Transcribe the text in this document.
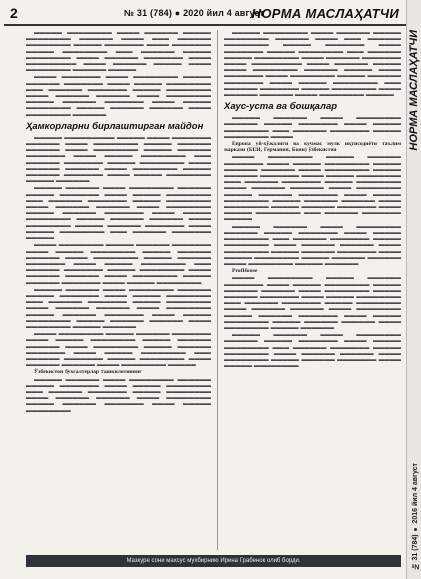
2	№ 31 (784) ● 2020 йил 4 август
НОРМА МАСЛАҲАТЧИ

▬▬▬▬▬ ▬▬▬▬▬▬▬▬ ▬▬▬▬ ▬▬▬▬▬▬ ▬▬▬▬▬ ▬▬▬▬▬▬▬▬ ▬▬▬▬▬▬ ▬▬▬▬ ▬▬▬ ▬▬▬▬▬▬ ▬▬▬▬▬▬▬▬ ▬▬▬▬▬ ▬▬▬▬▬▬▬ ▬▬▬▬ ▬▬▬▬▬▬▬ ▬▬▬▬▬ ▬▬▬▬▬▬▬▬ ▬▬▬ ▬▬▬▬▬▬ ▬▬▬▬▬ ▬▬▬▬▬▬▬▬ ▬▬▬▬ ▬▬▬▬▬▬ ▬▬▬▬▬▬▬ ▬▬▬▬ ▬▬▬▬▬▬▬▬▬ ▬▬▬▬ ▬▬▬▬▬▬ ▬▬▬▬▬ ▬▬▬▬ ▬▬▬▬▬▬▬▬ ▬▬▬▬▬▬ ▬▬▬▬▬

▬▬▬▬ ▬▬▬▬▬▬▬ ▬▬▬▬ ▬▬▬▬▬▬▬▬ ▬▬▬▬▬ ▬▬▬▬▬▬ ▬▬▬▬▬▬▬ ▬▬▬▬ ▬▬▬▬▬ ▬▬▬▬▬▬▬▬ ▬▬▬ ▬▬▬▬▬▬ ▬▬▬▬▬▬▬ ▬▬▬▬▬ ▬▬▬▬▬▬▬▬ ▬▬▬▬ ▬▬▬▬▬▬ ▬▬▬▬▬▬ ▬▬▬▬ ▬▬▬▬▬▬▬▬ ▬▬▬▬▬ ▬▬▬▬▬▬ ▬▬▬▬▬▬▬ ▬▬▬▬ ▬▬▬▬▬ ▬▬▬▬▬▬▬▬ ▬▬▬▬▬ ▬▬▬▬▬▬ ▬▬▬▬▬▬ ▬▬▬▬ ▬▬▬▬▬▬▬▬ ▬▬▬▬▬▬

Ҳамкорларни бирлаштирган майдон

▬▬▬▬▬ ▬▬▬▬▬▬▬▬▬ ▬▬▬▬▬ ▬▬▬▬ ▬▬▬▬▬▬▬ ▬▬▬▬▬▬ ▬▬▬▬ ▬▬▬▬▬▬▬▬ ▬▬▬▬▬ ▬▬▬▬▬▬ ▬▬▬▬▬▬ ▬▬▬▬ ▬▬▬▬▬▬▬▬ ▬▬▬▬▬ ▬▬▬▬▬▬ ▬▬▬▬▬▬▬ ▬▬▬▬ ▬▬▬▬▬ ▬▬▬▬▬▬▬▬ ▬▬▬ ▬▬▬▬▬▬ ▬▬▬▬▬▬▬ ▬▬▬▬▬ ▬▬▬▬▬▬▬▬ ▬▬▬▬ ▬▬▬▬▬▬ ▬▬▬▬▬▬ ▬▬▬▬ ▬▬▬▬▬▬▬▬ ▬▬▬▬▬ ▬▬▬▬▬▬ ▬▬▬▬▬▬▬ ▬▬▬▬ ▬▬▬▬▬ ▬▬▬▬▬▬▬▬ ▬▬▬▬▬ ▬▬▬▬▬▬

▬▬▬▬▬ ▬▬▬▬▬▬ ▬▬▬▬ ▬▬▬▬▬▬▬▬ ▬▬▬▬▬▬ ▬▬▬▬▬ ▬▬▬▬▬▬▬ ▬▬▬▬ ▬▬▬▬▬ ▬▬▬▬▬▬▬▬ ▬▬▬ ▬▬▬▬▬▬ ▬▬▬▬▬▬▬ ▬▬▬▬▬ ▬▬▬▬▬▬▬▬ ▬▬▬▬ ▬▬▬▬▬▬ ▬▬▬▬▬▬ ▬▬▬▬ ▬▬▬▬▬▬▬▬ ▬▬▬▬▬ ▬▬▬▬▬▬ ▬▬▬▬▬▬▬ ▬▬▬▬ ▬▬▬▬▬ ▬▬▬▬▬▬▬▬ ▬▬▬▬▬ ▬▬▬▬▬▬ ▬▬▬▬▬▬ ▬▬▬▬ ▬▬▬▬▬▬▬▬ ▬▬▬▬▬ ▬▬▬▬▬▬ ▬▬▬▬▬▬▬ ▬▬▬▬ ▬▬▬▬▬ ▬▬▬▬▬▬▬▬ ▬▬▬ ▬▬▬▬▬▬ ▬▬▬▬▬▬▬ ▬▬▬▬▬

▬▬▬▬ ▬▬▬▬▬▬▬▬ ▬▬▬▬▬ ▬▬▬▬▬▬ ▬▬▬▬▬▬▬ ▬▬▬▬ ▬▬▬▬▬ ▬▬▬▬▬▬▬▬ ▬▬▬▬▬ ▬▬▬▬▬▬ ▬▬▬▬▬▬ ▬▬▬▬ ▬▬▬▬▬▬▬▬ ▬▬▬▬▬ ▬▬▬▬▬▬ ▬▬▬▬▬▬▬ ▬▬▬▬ ▬▬▬▬▬ ▬▬▬▬▬▬▬▬ ▬▬▬ ▬▬▬▬▬▬ ▬▬▬▬▬▬▬ ▬▬▬▬▬ ▬▬▬▬▬▬▬▬ ▬▬▬▬ ▬▬▬▬▬▬ ▬▬▬▬▬▬ ▬▬▬▬ ▬▬▬▬▬▬▬▬ ▬▬▬▬▬ ▬▬▬▬▬▬ ▬▬▬▬▬▬▬ ▬▬▬▬ ▬▬▬▬▬ ▬▬▬▬▬▬▬▬

▬▬▬▬▬ ▬▬▬▬▬▬ ▬▬▬▬ ▬▬▬▬▬▬▬▬ ▬▬▬▬▬▬ ▬▬▬▬▬ ▬▬▬▬▬▬▬ ▬▬▬▬ ▬▬▬▬▬ ▬▬▬▬▬▬▬▬ ▬▬▬ ▬▬▬▬▬▬ ▬▬▬▬▬▬▬ ▬▬▬▬▬ ▬▬▬▬▬▬▬▬ ▬▬▬▬ ▬▬▬▬▬▬ ▬▬▬▬▬▬ ▬▬▬▬ ▬▬▬▬▬▬▬▬ ▬▬▬▬▬ ▬▬▬▬▬▬ ▬▬▬▬▬▬▬ ▬▬▬▬ ▬▬▬▬▬ ▬▬▬▬▬▬▬▬ ▬▬▬▬▬ ▬▬▬▬▬▬ ▬▬▬▬▬▬ ▬▬▬▬ ▬▬▬▬▬▬▬▬ ▬▬▬▬▬ ▬▬▬▬▬▬

▬▬▬▬ ▬▬▬▬▬▬▬▬ ▬▬▬▬▬ ▬▬▬▬▬▬ ▬▬▬▬▬▬▬ ▬▬▬▬ ▬▬▬▬▬ ▬▬▬▬▬▬▬▬ ▬▬▬▬▬ ▬▬▬▬▬▬ ▬▬▬▬▬▬ ▬▬▬▬ ▬▬▬▬▬▬▬▬ ▬▬▬▬▬ ▬▬▬▬▬▬ ▬▬▬▬▬▬▬ ▬▬▬▬ ▬▬▬▬▬ ▬▬▬▬▬▬▬▬ ▬▬▬ ▬▬▬▬▬▬ ▬▬▬▬▬▬▬ ▬▬▬▬▬ ▬▬▬▬▬▬▬▬ ▬▬▬▬ ▬▬▬▬▬▬ ▬▬▬▬▬▬ ▬▬▬▬ ▬▬▬▬▬▬▬▬ ▬▬▬▬▬

Ўзбекистон бухгалтерлар ташкилотининг

▬▬▬▬▬ ▬▬▬▬▬▬ ▬▬▬▬ ▬▬▬▬▬▬▬▬ ▬▬▬▬▬▬ ▬▬▬▬▬ ▬▬▬▬▬▬▬ ▬▬▬▬ ▬▬▬▬▬ ▬▬▬▬▬▬▬▬ ▬▬▬ ▬▬▬▬▬▬ ▬▬▬▬▬▬▬ ▬▬▬▬▬ ▬▬▬▬▬▬▬▬ ▬▬▬▬ ▬▬▬▬▬▬ ▬▬▬▬▬▬ ▬▬▬▬ ▬▬▬▬▬▬▬▬ ▬▬▬▬▬ ▬▬▬▬▬▬ ▬▬▬▬▬▬▬ ▬▬▬▬ ▬▬▬▬▬ ▬▬▬▬▬▬▬▬

▬▬▬▬▬ ▬▬▬▬▬▬▬▬ ▬▬▬▬ ▬▬▬▬▬▬ ▬▬▬▬▬ ▬▬▬▬▬▬▬▬ ▬▬▬▬▬▬ ▬▬▬▬ ▬▬▬ ▬▬▬▬▬▬ ▬▬▬▬▬▬▬▬ ▬▬▬▬▬ ▬▬▬▬▬▬▬ ▬▬▬▬ ▬▬▬▬▬▬▬ ▬▬▬▬▬ ▬▬▬▬▬▬▬▬ ▬▬▬ ▬▬▬▬▬▬ ▬▬▬▬▬ ▬▬▬▬▬▬▬▬ ▬▬▬▬ ▬▬▬▬▬▬ ▬▬▬▬▬▬▬ ▬▬▬▬ ▬▬▬▬▬▬▬▬▬ ▬▬▬▬ ▬▬▬▬▬▬ ▬▬▬▬▬ ▬▬▬▬ ▬▬▬▬▬▬▬▬ ▬▬▬▬▬▬ ▬▬▬▬▬ ▬▬▬▬ ▬▬▬▬▬▬▬ ▬▬▬▬ ▬▬▬▬▬▬▬▬ ▬▬▬▬▬ ▬▬▬▬▬▬ ▬▬▬▬▬▬▬ ▬▬▬▬ ▬▬▬▬▬ ▬▬▬▬▬▬▬▬ ▬▬▬ ▬▬▬▬▬▬ ▬▬▬▬▬▬▬ ▬▬▬▬▬ ▬▬▬▬▬▬▬▬ ▬▬▬▬ ▬▬▬▬▬▬ ▬▬▬▬▬▬ ▬▬▬▬ ▬▬▬▬▬▬▬▬ ▬▬▬▬▬

Хаус-уста ва бошқалар

▬▬▬▬▬ ▬▬▬▬▬▬ ▬▬▬▬ ▬▬▬▬▬▬▬▬ ▬▬▬▬▬▬ ▬▬▬▬▬ ▬▬▬▬▬▬▬ ▬▬▬▬ ▬▬▬▬▬ ▬▬▬▬▬▬▬▬ ▬▬▬ ▬▬▬▬▬▬ ▬▬▬▬▬▬▬ ▬▬▬▬▬ ▬▬▬▬▬▬▬▬ ▬▬▬▬

Европа уй-хўжалиги ва кучмас мулк иқтисодиёти таълим маркази (БЕИ, Германия, Бонн) ўзбекистон

▬▬▬▬ ▬▬▬▬▬▬▬▬ ▬▬▬▬▬ ▬▬▬▬▬▬ ▬▬▬▬▬▬▬ ▬▬▬▬ ▬▬▬▬▬ ▬▬▬▬▬▬▬▬ ▬▬▬▬▬ ▬▬▬▬▬▬ ▬▬▬▬▬▬ ▬▬▬▬ ▬▬▬▬▬▬▬▬ ▬▬▬▬▬ ▬▬▬▬▬▬ ▬▬▬▬▬▬▬ ▬▬▬▬ ▬▬▬▬▬ ▬▬▬▬▬▬▬▬ ▬▬▬ ▬▬▬▬▬▬ ▬▬▬▬▬▬▬ ▬▬▬▬▬ ▬▬▬▬▬▬▬▬ ▬▬▬▬ ▬▬▬▬▬▬ ▬▬▬▬▬▬ ▬▬▬▬ ▬▬▬▬▬▬▬▬ ▬▬▬▬▬ ▬▬▬▬▬▬ ▬▬▬▬▬▬▬ ▬▬▬▬ ▬▬▬▬▬ ▬▬▬▬▬▬▬▬ ▬▬▬▬▬ ▬▬▬▬▬▬ ▬▬▬▬▬▬ ▬▬▬▬ ▬▬▬▬▬▬▬▬ ▬▬▬▬▬ ▬▬▬▬▬▬ ▬▬▬▬▬▬▬ ▬▬▬▬ ▬▬▬▬▬ ▬▬▬▬▬▬▬▬ ▬▬▬ ▬▬▬▬▬▬ ▬▬▬▬▬▬▬ ▬▬▬▬▬

▬▬▬▬▬ ▬▬▬▬▬▬ ▬▬▬▬ ▬▬▬▬▬▬▬▬ ▬▬▬▬▬▬ ▬▬▬▬▬ ▬▬▬▬▬▬▬ ▬▬▬▬ ▬▬▬▬▬ ▬▬▬▬▬▬▬▬ ▬▬▬ ▬▬▬▬▬▬ ▬▬▬▬▬▬▬ ▬▬▬▬▬ ▬▬▬▬▬▬▬▬ ▬▬▬▬ ▬▬▬▬▬▬ ▬▬▬▬▬▬ ▬▬▬▬ ▬▬▬▬▬▬▬▬ ▬▬▬▬▬ ▬▬▬▬▬▬ ▬▬▬▬▬▬▬ ▬▬▬▬ ▬▬▬▬▬ ▬▬▬▬▬▬▬▬ ▬▬▬▬▬ ▬▬▬▬▬▬ ▬▬▬▬▬▬ ▬▬▬▬ ▬▬▬▬▬▬▬▬ ▬▬▬▬▬ ▬▬▬▬▬▬

ProfHouse

▬▬▬▬ ▬▬▬▬▬▬▬▬ ▬▬▬▬▬ ▬▬▬▬▬▬ ▬▬▬▬▬▬▬ ▬▬▬▬ ▬▬▬▬▬ ▬▬▬▬▬▬▬▬ ▬▬▬▬▬ ▬▬▬▬▬▬ ▬▬▬▬▬▬ ▬▬▬▬ ▬▬▬▬▬▬▬▬ ▬▬▬▬▬ ▬▬▬▬▬▬ ▬▬▬▬▬▬▬ ▬▬▬▬ ▬▬▬▬▬ ▬▬▬▬▬▬▬▬ ▬▬▬ ▬▬▬▬▬▬ ▬▬▬▬▬▬▬ ▬▬▬▬▬ ▬▬▬▬▬▬▬▬ ▬▬▬▬ ▬▬▬▬▬▬ ▬▬▬▬▬▬ ▬▬▬▬ ▬▬▬▬▬▬▬▬ ▬▬▬▬▬ ▬▬▬▬▬▬ ▬▬▬▬▬▬▬ ▬▬▬▬ ▬▬▬▬▬ ▬▬▬▬▬▬▬▬ ▬▬▬▬▬ ▬▬▬▬▬▬ ▬▬▬▬▬▬ ▬▬▬▬ ▬▬▬▬▬▬▬▬ ▬▬▬▬▬ ▬▬▬▬▬▬

▬▬▬▬▬ ▬▬▬▬▬▬ ▬▬▬▬ ▬▬▬▬▬▬▬▬ ▬▬▬▬▬▬ ▬▬▬▬▬ ▬▬▬▬▬▬▬ ▬▬▬▬ ▬▬▬▬▬ ▬▬▬▬▬▬▬▬ ▬▬▬ ▬▬▬▬▬▬ ▬▬▬▬▬▬▬ ▬▬▬▬▬ ▬▬▬▬▬▬▬▬ ▬▬▬▬ ▬▬▬▬▬▬ ▬▬▬▬▬▬ ▬▬▬▬ ▬▬▬▬▬▬▬▬ ▬▬▬▬▬ ▬▬▬▬▬▬ ▬▬▬▬▬▬▬ ▬▬▬▬ ▬▬▬▬▬ ▬▬▬▬▬▬▬▬

Мазкуре сони махсус мухбирнию Ирина Грабенок олиб борди.
НОРМА МАСЛАҲАТЧИ
№ 31 (784) ● 2016 йил 4 август
